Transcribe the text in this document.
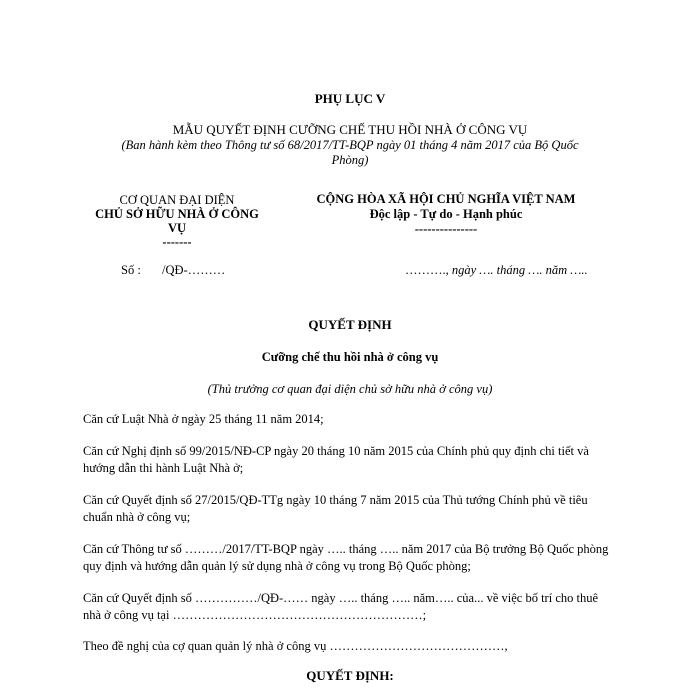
PHỤ LỤC V
MẪU QUYẾT ĐỊNH CƯỠNG CHẾ THU HỒI NHÀ Ở CÔNG VỤ
(Ban hành kèm theo Thông tư số 68/2017/TT-BQP ngày 01 tháng 4 năm 2017 của Bộ Quốc
Phòng)
CƠ QUAN ĐẠI DIỆN
CHỦ SỞ HỮU NHÀ Ở CÔNG
VỤ
-------
CỘNG HÒA XÃ HỘI CHỦ NGHĨA VIỆT NAM
Độc lập - Tự do - Hạnh phúc
---------------
Số : /QĐ-………	………., ngày …. tháng …. năm …..
QUYẾT ĐỊNH
Cưỡng chế thu hồi nhà ở công vụ
(Thủ trưởng cơ quan đại diện chủ sở hữu nhà ở công vụ)
Căn cứ Luật Nhà ở ngày 25 tháng 11 năm 2014;
Căn cứ Nghị định số 99/2015/NĐ-CP ngày 20 tháng 10 năm 2015 của Chính phủ quy định chi tiết và hướng dẫn thi hành Luật Nhà ở;
Căn cứ Quyết định số 27/2015/QĐ-TTg ngày 10 tháng 7 năm 2015 của Thủ tướng Chính phủ về tiêu chuẩn nhà ở công vụ;
Căn cứ Thông tư số ………/2017/TT-BQP ngày ….. tháng ….. năm 2017 của Bộ trưởng Bộ Quốc phòng quy định và hướng dẫn quản lý sử dụng nhà ở công vụ trong Bộ Quốc phòng;
Căn cứ Quyết định số ……………/QĐ-…… ngày ….. tháng ….. năm….. của... về việc bố trí cho thuê nhà ở công vụ tại ……………………………………………………;
Theo đề nghị của cợ quan quản lý nhà ở công vụ ……………………………………,
QUYẾT ĐỊNH:
